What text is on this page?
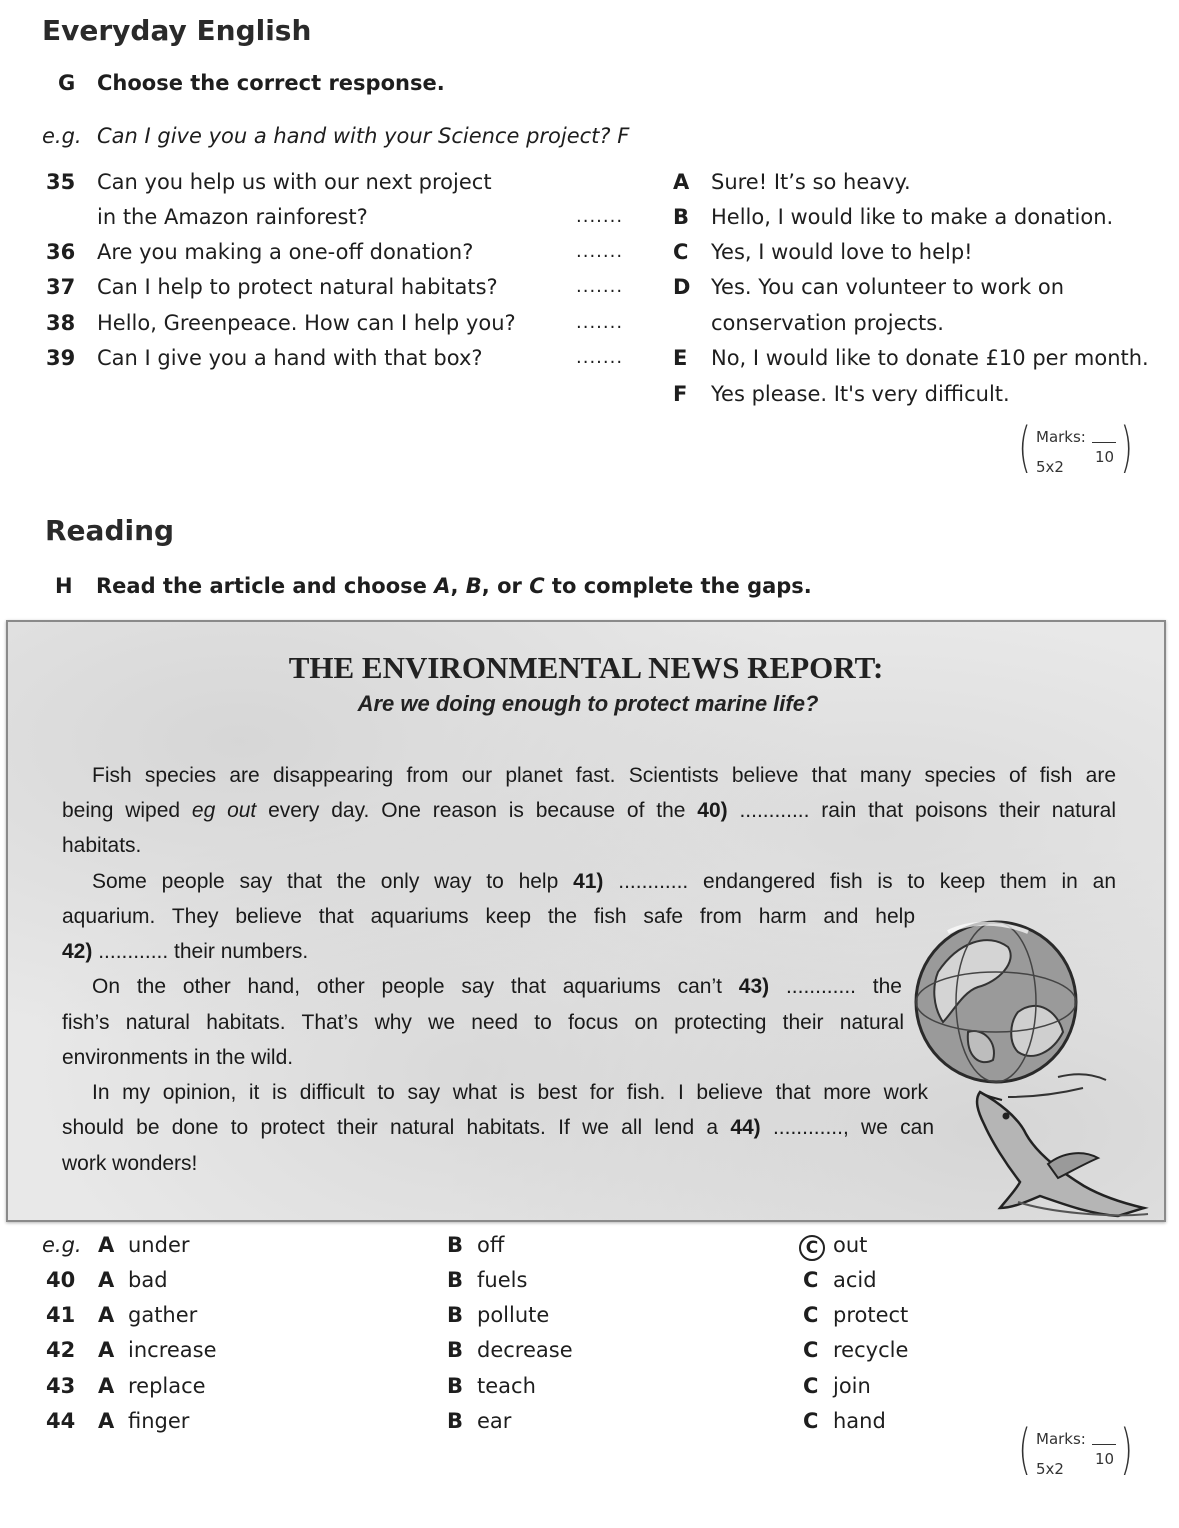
Everyday English
G Choose the correct response.
e.g. Can I give you a hand with your Science project? F
35 Can you help us with our next project
in the Amazon rainforest?	.......
36 Are you making a one-off donation?	.......
37 Can I help to protect natural habitats?	.......
38 Hello, Greenpeace. How can I help you?	.......
39 Can I give you a hand with that box?	.......
A Sure! It’s so heavy.
B Hello, I would like to make a donation.
C Yes, I would love to help!
D Yes. You can volunteer to work on
conservation projects.
E No, I would like to donate £10 per month.
F Yes please. It's very difficult.
( Marks:
10
5x2 )
Reading
H Read the article and choose A, B, or C to complete the gaps.
THE ENVIRONMENTAL NEWS REPORT:
Are we doing enough to protect marine life?
Fish species are disappearing from our planet fast. Scientists believe that many species of fish are
being wiped eg out every day. One reason is because of the 40) ............ rain that poisons their natural
habitats.
Some people say that the only way to help 41) ............ endangered fish is to keep them in an
aquarium. They believe that aquariums keep the fish safe from harm and help
42) ............ their numbers.
On the other hand, other people say that aquariums can’t 43) ............ the
fish’s natural habitats. That’s why we need to focus on protecting their natural
environments in the wild.
In my opinion, it is difficult to say what is best for fish. I believe that more work
should be done to protect their natural habitats. If we all lend a 44) ............, we can
work wonders!
e.g. A under	B off	C out
40 A bad	B fuels	C acid
41 A gather	B pollute	C protect
42 A increase	B decrease	C recycle
43 A replace	B teach	C join
44 A finger	B ear	C hand ( Marks:
10
5x2 )
